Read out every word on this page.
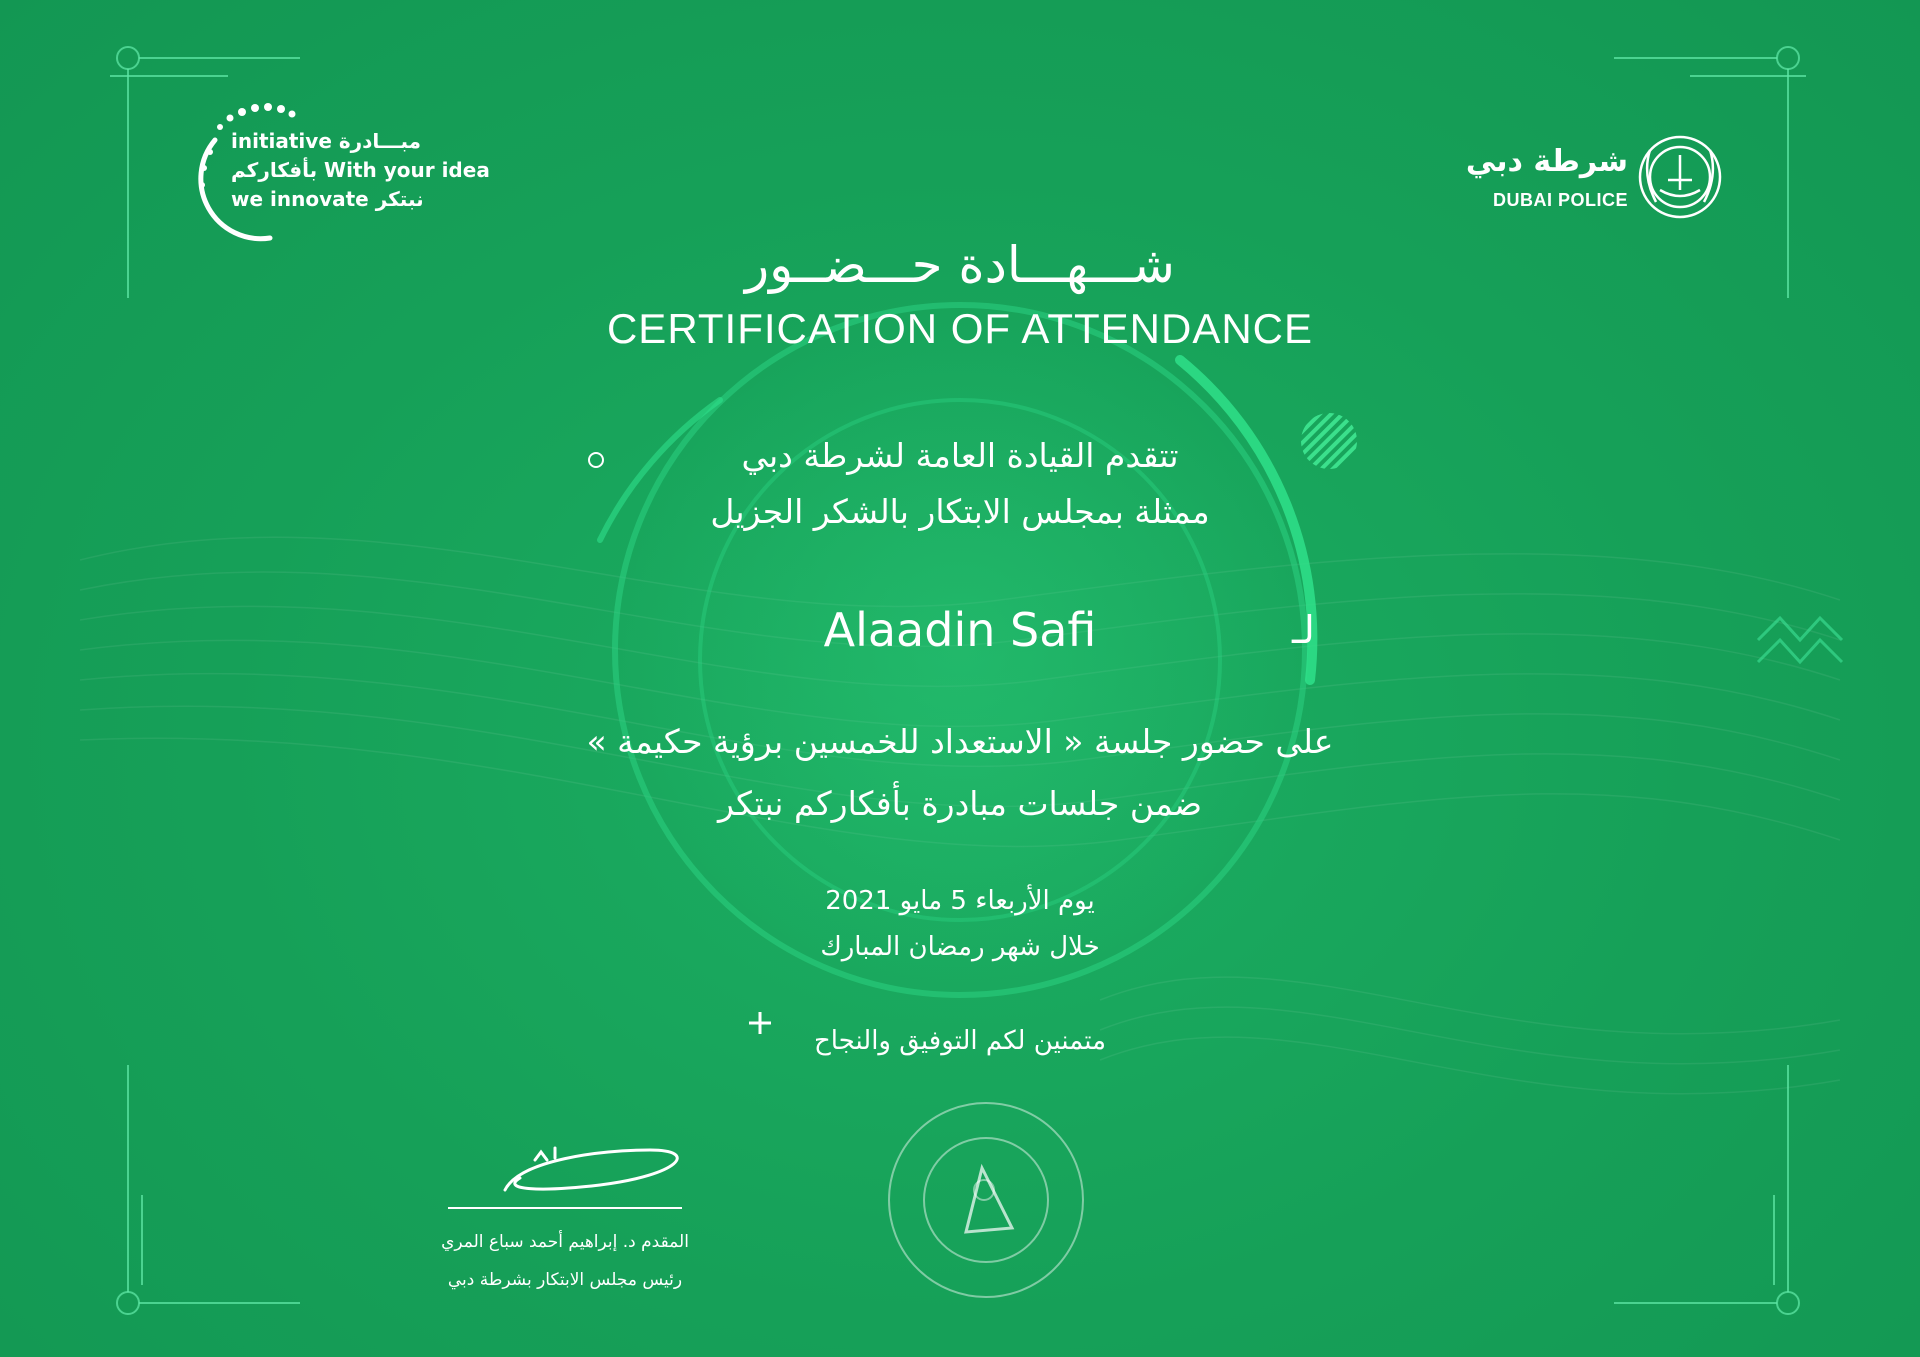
initiative مبـــادرة
بأفكاركم With your idea
we innovate نبتكر
شرطة دبي
DUBAI POLICE

شـــهـــادة حـــضــور

CERTIFICATION OF ATTENDANCE

تتقدم القيادة العامة لشرطة دبي

ممثلة بمجلس الابتكار بالشكر الجزيل

Alaadin Safi	لـ

على حضور جلسة « الاستعداد للخمسين برؤية حكيمة »

ضمن جلسات مبادرة بأفكاركم نبتكر

يوم الأربعاء 5 مايو 2021

خلال شهر رمضان المبارك

متمنين لكم التوفيق والنجاح

المقدم د. إبراهيم أحمد سباع المري
رئيس مجلس الابتكار بشرطة دبي
